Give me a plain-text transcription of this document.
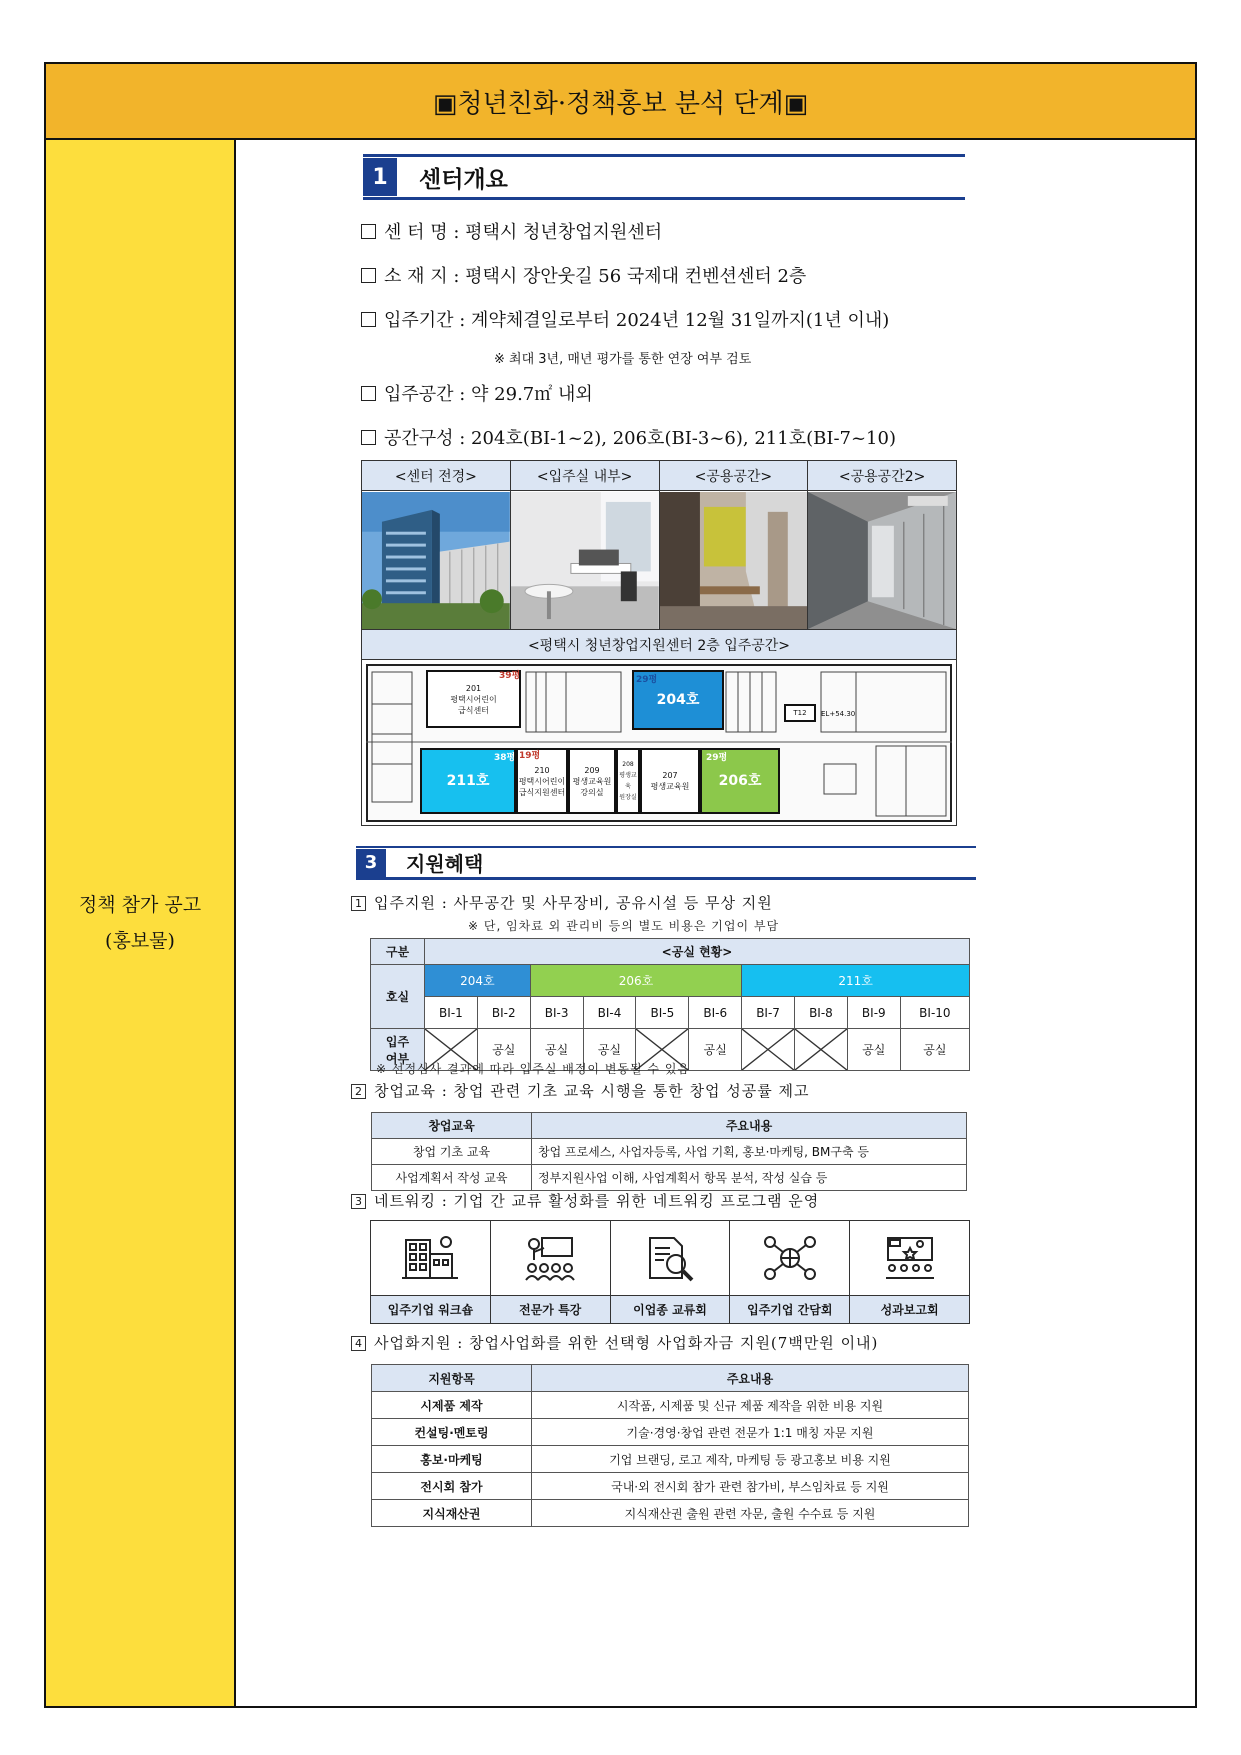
▣청년친화·정책홍보 분석 단계▣
정책 참가 공고
(홍보물)
1	센터개요
센 터 명 : 평택시 청년창업지원센터
소 재 지 : 평택시 장안웃길 56 국제대 컨벤션센터 2층
입주기간 : 계약체결일로부터 2024년 12월 31일까지(1년 이내)
※ 최대 3년, 매년 평가를 통한 연장 여부 검토
입주공간 : 약 29.7㎡ 내외
공간구성 : 204호(BI-1~2), 206호(BI-3~6), 211호(BI-7~10)
<센터 전경>	<입주실 내부>	<공용공간>	<공용공간2>
<평택시 청년창업지원센터 2층 입주공간>
201
평택시어린이
급식센터
39평
204호
29평
T12	EL+54.30
211호
38평
210
평택시어린이
급식지원센터
19평
209
평생교육원
강의실
208
평생교육
원장실
207
평생교육원 206호
29평
3	지원혜택
1 입주지원 : 사무공간 및 사무장비, 공유시설 등 무상 지원
※ 단, 임차료 외 관리비 등의 별도 비용은 기업이 부담
구분	<공실 현황>									
호실	204호		206호				211호			
	BI-1	BI-2	BI-3	BI-4	BI-5	BI-6	BI-7	BI-8	BI-9	BI-10
입주
여부		공실	공실	공실		공실			공실	공실
※ 선정심사 결과에 따라 입주실 배정이 변동될 수 있음
2 창업교육 : 창업 관련 기초 교육 시행을 통한 창업 성공률 제고
창업교육	주요내용
창업 기초 교육	창업 프로세스, 사업자등록, 사업 기획, 홍보·마케팅, BM구축 등
사업계획서 작성 교육	정부지원사업 이해, 사업계획서 항목 분석, 작성 실습 등
3 네트워킹 : 기업 간 교류 활성화를 위한 네트워킹 프로그램 운영
입주기업 워크숍	전문가 특강	이업종 교류회	입주기업 간담회	성과보고회
4 사업화지원 : 창업사업화를 위한 선택형 사업화자금 지원(7백만원 이내)
지원항목	주요내용
시제품 제작	시작품, 시제품 및 신규 제품 제작을 위한 비용 지원
컨설팅·멘토링	기술·경영·창업 관련 전문가 1:1 매칭 자문 지원
홍보·마케팅	기업 브랜딩, 로고 제작, 마케팅 등 광고홍보 비용 지원
전시회 참가	국내·외 전시회 참가 관련 참가비, 부스임차료 등 지원
지식재산권	지식재산권 출원 관련 자문, 출원 수수료 등 지원
